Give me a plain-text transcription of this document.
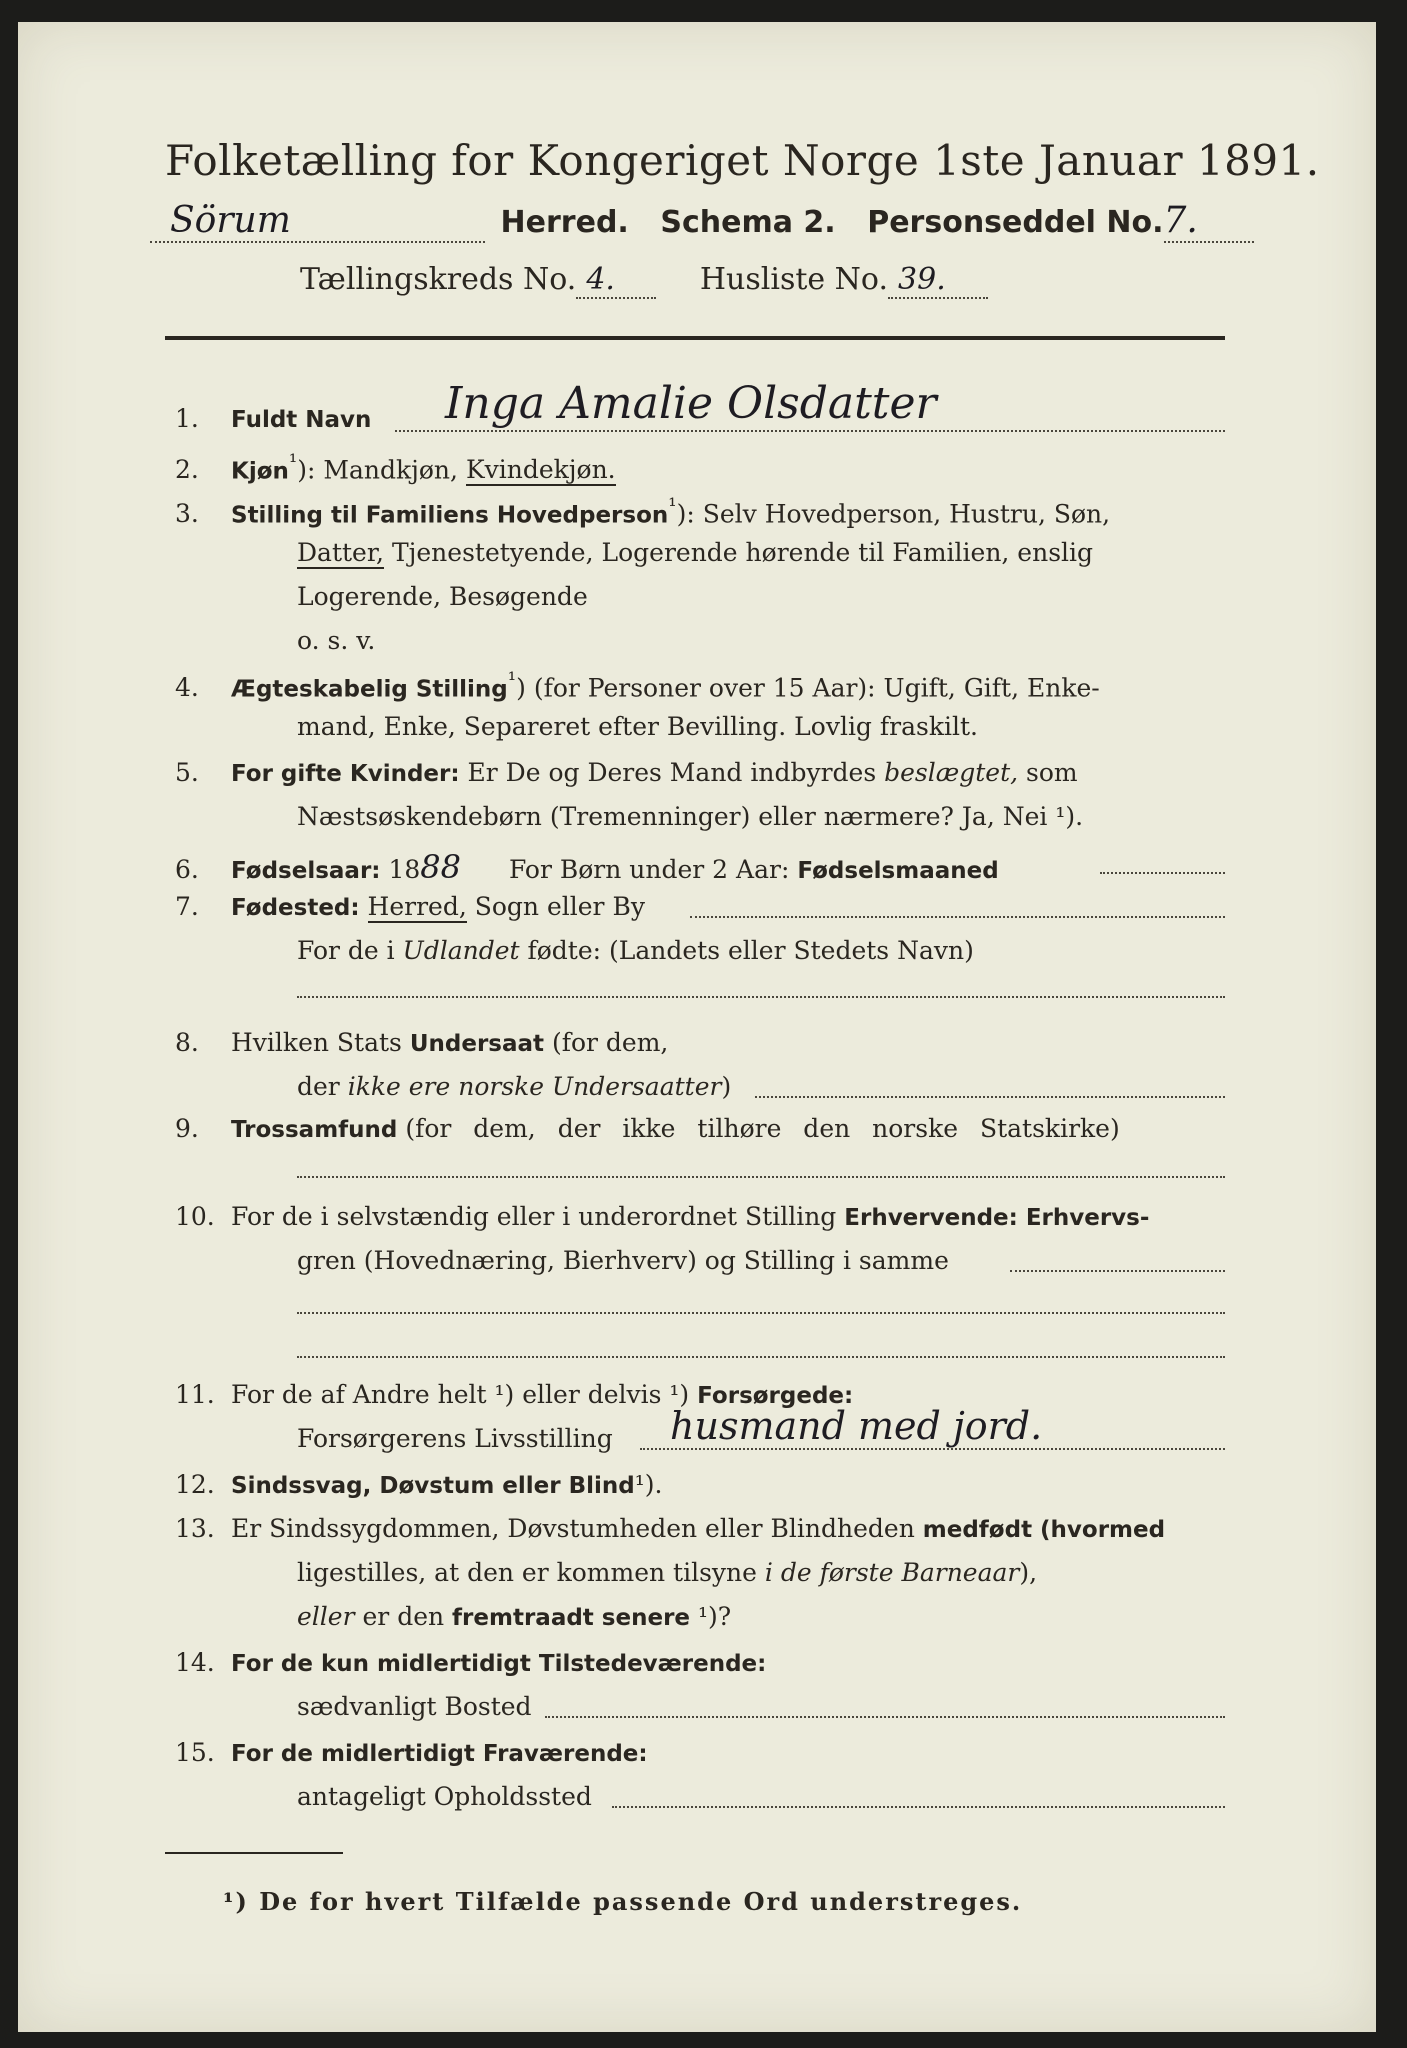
Folketælling for Kongeriget Norge 1ste Januar 1891.
Sörum	Herred. Schema 2. Personseddel No.7.
Tællingskreds No. 4.	Husliste No. 39.
1. Fuldt Navn Inga Amalie Olsdatter
2. Kjøn$^{^1}$): Mandkjøn, Kvindekjøn.
3. Stilling til Familiens Hovedperson$^{^1}$): Selv Hovedperson, Hustru, Søn,
Datter, Tjenestetyende, Logerende hørende til Familien, enslig
Logerende, Besøgende
o. s. v.
4. Ægteskabelig Stilling$^{^1}$) (for Personer over 15 Aar): Ugift, Gift, Enke-
mand, Enke, Separeret efter Bevilling. Lovlig fraskilt.
5. For gifte Kvinder: Er De og Deres Mand indbyrdes beslægtet, som
Næstsøskendebørn (Tremenninger) eller nærmere? Ja, Nei ¹).
6. Fødselsaar: 1888 For Børn under 2 Aar: Fødselsmaaned
7. Fødested: Herred, Sogn eller By
For de i Udlandet fødte: (Landets eller Stedets Navn)
8. Hvilken Stats Undersaat (for dem,
der ikke ere norske Undersaatter)
9. Trossamfund (for dem, der ikke tilhøre den norske Statskirke)
10. For de i selvstændig eller i underordnet Stilling Erhvervende: Erhvervs-
gren (Hovednæring, Bierhverv) og Stilling i samme
11. For de af Andre helt ¹) eller delvis ¹) Forsørgede:
Forsørgerens Livsstilling husmand med jord.
12. Sindssvag, Døvstum eller Blind¹).
13. Er Sindssygdommen, Døvstumheden eller Blindheden medfødt (hvormed
ligestilles, at den er kommen tilsyne i de første Barneaar),
eller er den fremtraadt senere ¹)?
14. For de kun midlertidigt Tilstedeværende:
sædvanligt Bosted
15. For de midlertidigt Fraværende:
antageligt Opholdssted
¹) De for hvert Tilfælde passende Ord understreges.
